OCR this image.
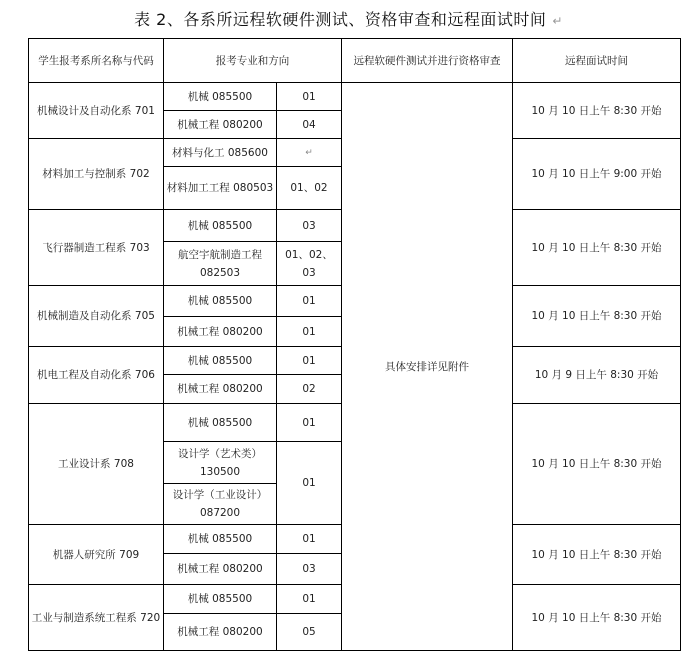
表 2、各系所远程软硬件测试、资格审查和远程面试时间 ↵
学生报考系所名称与代码	报考专业和方向		远程软硬件测试并进行资格审查	远程面试时间
机械设计及自动化系 701	机械 085500	01	具体安排详见附件	10 月 10 日上午 8:30 开始
	机械工程 080200	04		
材料加工与控制系 702	材料与化工 085600	↵		10 月 10 日上午 9:00 开始
	材料加工工程 080503	01、02		
飞行器制造工程系 703	机械 085500	03		10 月 10 日上午 8:30 开始
	航空宇航制造工程 082503	01、02、03		
机械制造及自动化系 705	机械 085500	01		10 月 10 日上午 8:30 开始
	机械工程 080200	01		
机电工程及自动化系 706	机械 085500	01		10 月 9 日上午 8:30 开始
	机械工程 080200	02		
工业设计系 708	机械 085500	01		10 月 10 日上午 8:30 开始
	设计学（艺术类） 130500	01		
	设计学（工业设计） 087200			
机器人研究所 709	机械 085500	01		10 月 10 日上午 8:30 开始
	机械工程 080200	03		
工业与制造系统工程系 720	机械 085500	01		10 月 10 日上午 8:30 开始
	机械工程 080200	05		
